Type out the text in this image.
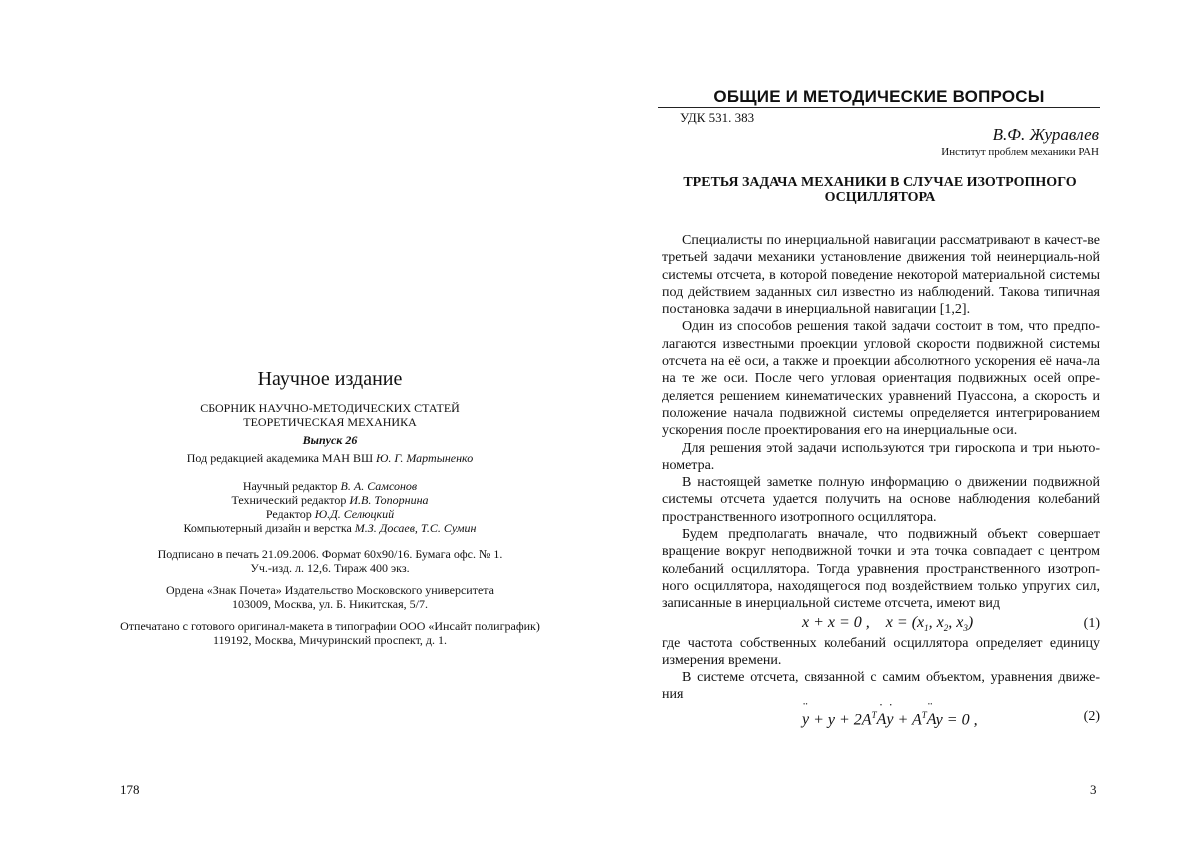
Научное издание
СБОРНИК НАУЧНО-МЕТОДИЧЕСКИХ СТАТЕЙ
ТЕОРЕТИЧЕСКАЯ МЕХАНИКА
Выпуск 26
Под редакцией академика МАН ВШ Ю. Г. Мартыненко
Научный редактор В. А. Самсонов
Технический редактор И.В. Топорнина
Редактор Ю.Д. Селюцкий
Компьютерный дизайн и верстка М.З. Досаев, Т.С. Сумин
Подписано в печать 21.09.2006. Формат 60х90/16. Бумага офс. № 1.
Уч.-изд. л. 12,6. Тираж 400 экз.
Ордена «Знак Почета» Издательство Московского университета
103009, Москва, ул. Б. Никитская, 5/7.
Отпечатано с готового оригинал-макета в типографии ООО «Инсайт полиграфик)
119192, Москва, Мичуринский проспект, д. 1.
178
ОБЩИЕ И МЕТОДИЧЕСКИЕ ВОПРОСЫ
УДК 531. 383
В.Ф. Журавлев
Институт проблем механики РАН
ТРЕТЬЯ ЗАДАЧА МЕХАНИКИ В СЛУЧАЕ ИЗОТРОПНОГО
ОСЦИЛЛЯТОРА

Специалисты по инерциальной навигации рассматривают в качест-ве третьей задачи механики установление движения той неинерциаль-ной системы отсчета, в которой поведение некоторой материальной системы под действием заданных сил известно из наблюдений. Такова типичная постановка задачи в инерциальной навигации [1,2].

Один из способов решения такой задачи состоит в том, что предпо-лагаются известными проекции угловой скорости подвижной системы отсчета на её оси, а также и проекции абсолютного ускорения её нача-ла на те же оси. После чего угловая ориентация подвижных осей опре-деляется решением кинематических уравнений Пуассона, а скорость и положение начала подвижной системы определяется интегрированием ускорения после проектирования его на инерциальные оси.

Для решения этой задачи используются три гироскопа и три ньюто-нометра.

В настоящей заметке полную информацию о движении подвижной системы отсчета удается получить на основе наблюдения колебаний пространственного изотропного осциллятора.

Будем предполагать вначале, что подвижный объект совершает вращение вокруг неподвижной точки и эта точка совпадает с центром колебаний осциллятора. Тогда уравнения пространственного изотроп-ного осциллятора, находящегося под воздействием только упругих сил, записанные в инерциальной системе отсчета, имеют вид

¨ x + x = 0 ,    $x = (x_1$, $x_2$, $x_3$)	(1)

где частота собственных колебаний осциллятора определяет единицу измерения времени.

В системе отсчета, связанной с самим объектом, уравнения движе-ния

¨ $y + y + 2A^T˙$ A˙ $y + A^T¨$ Ay = 0 ,	(2)
3
